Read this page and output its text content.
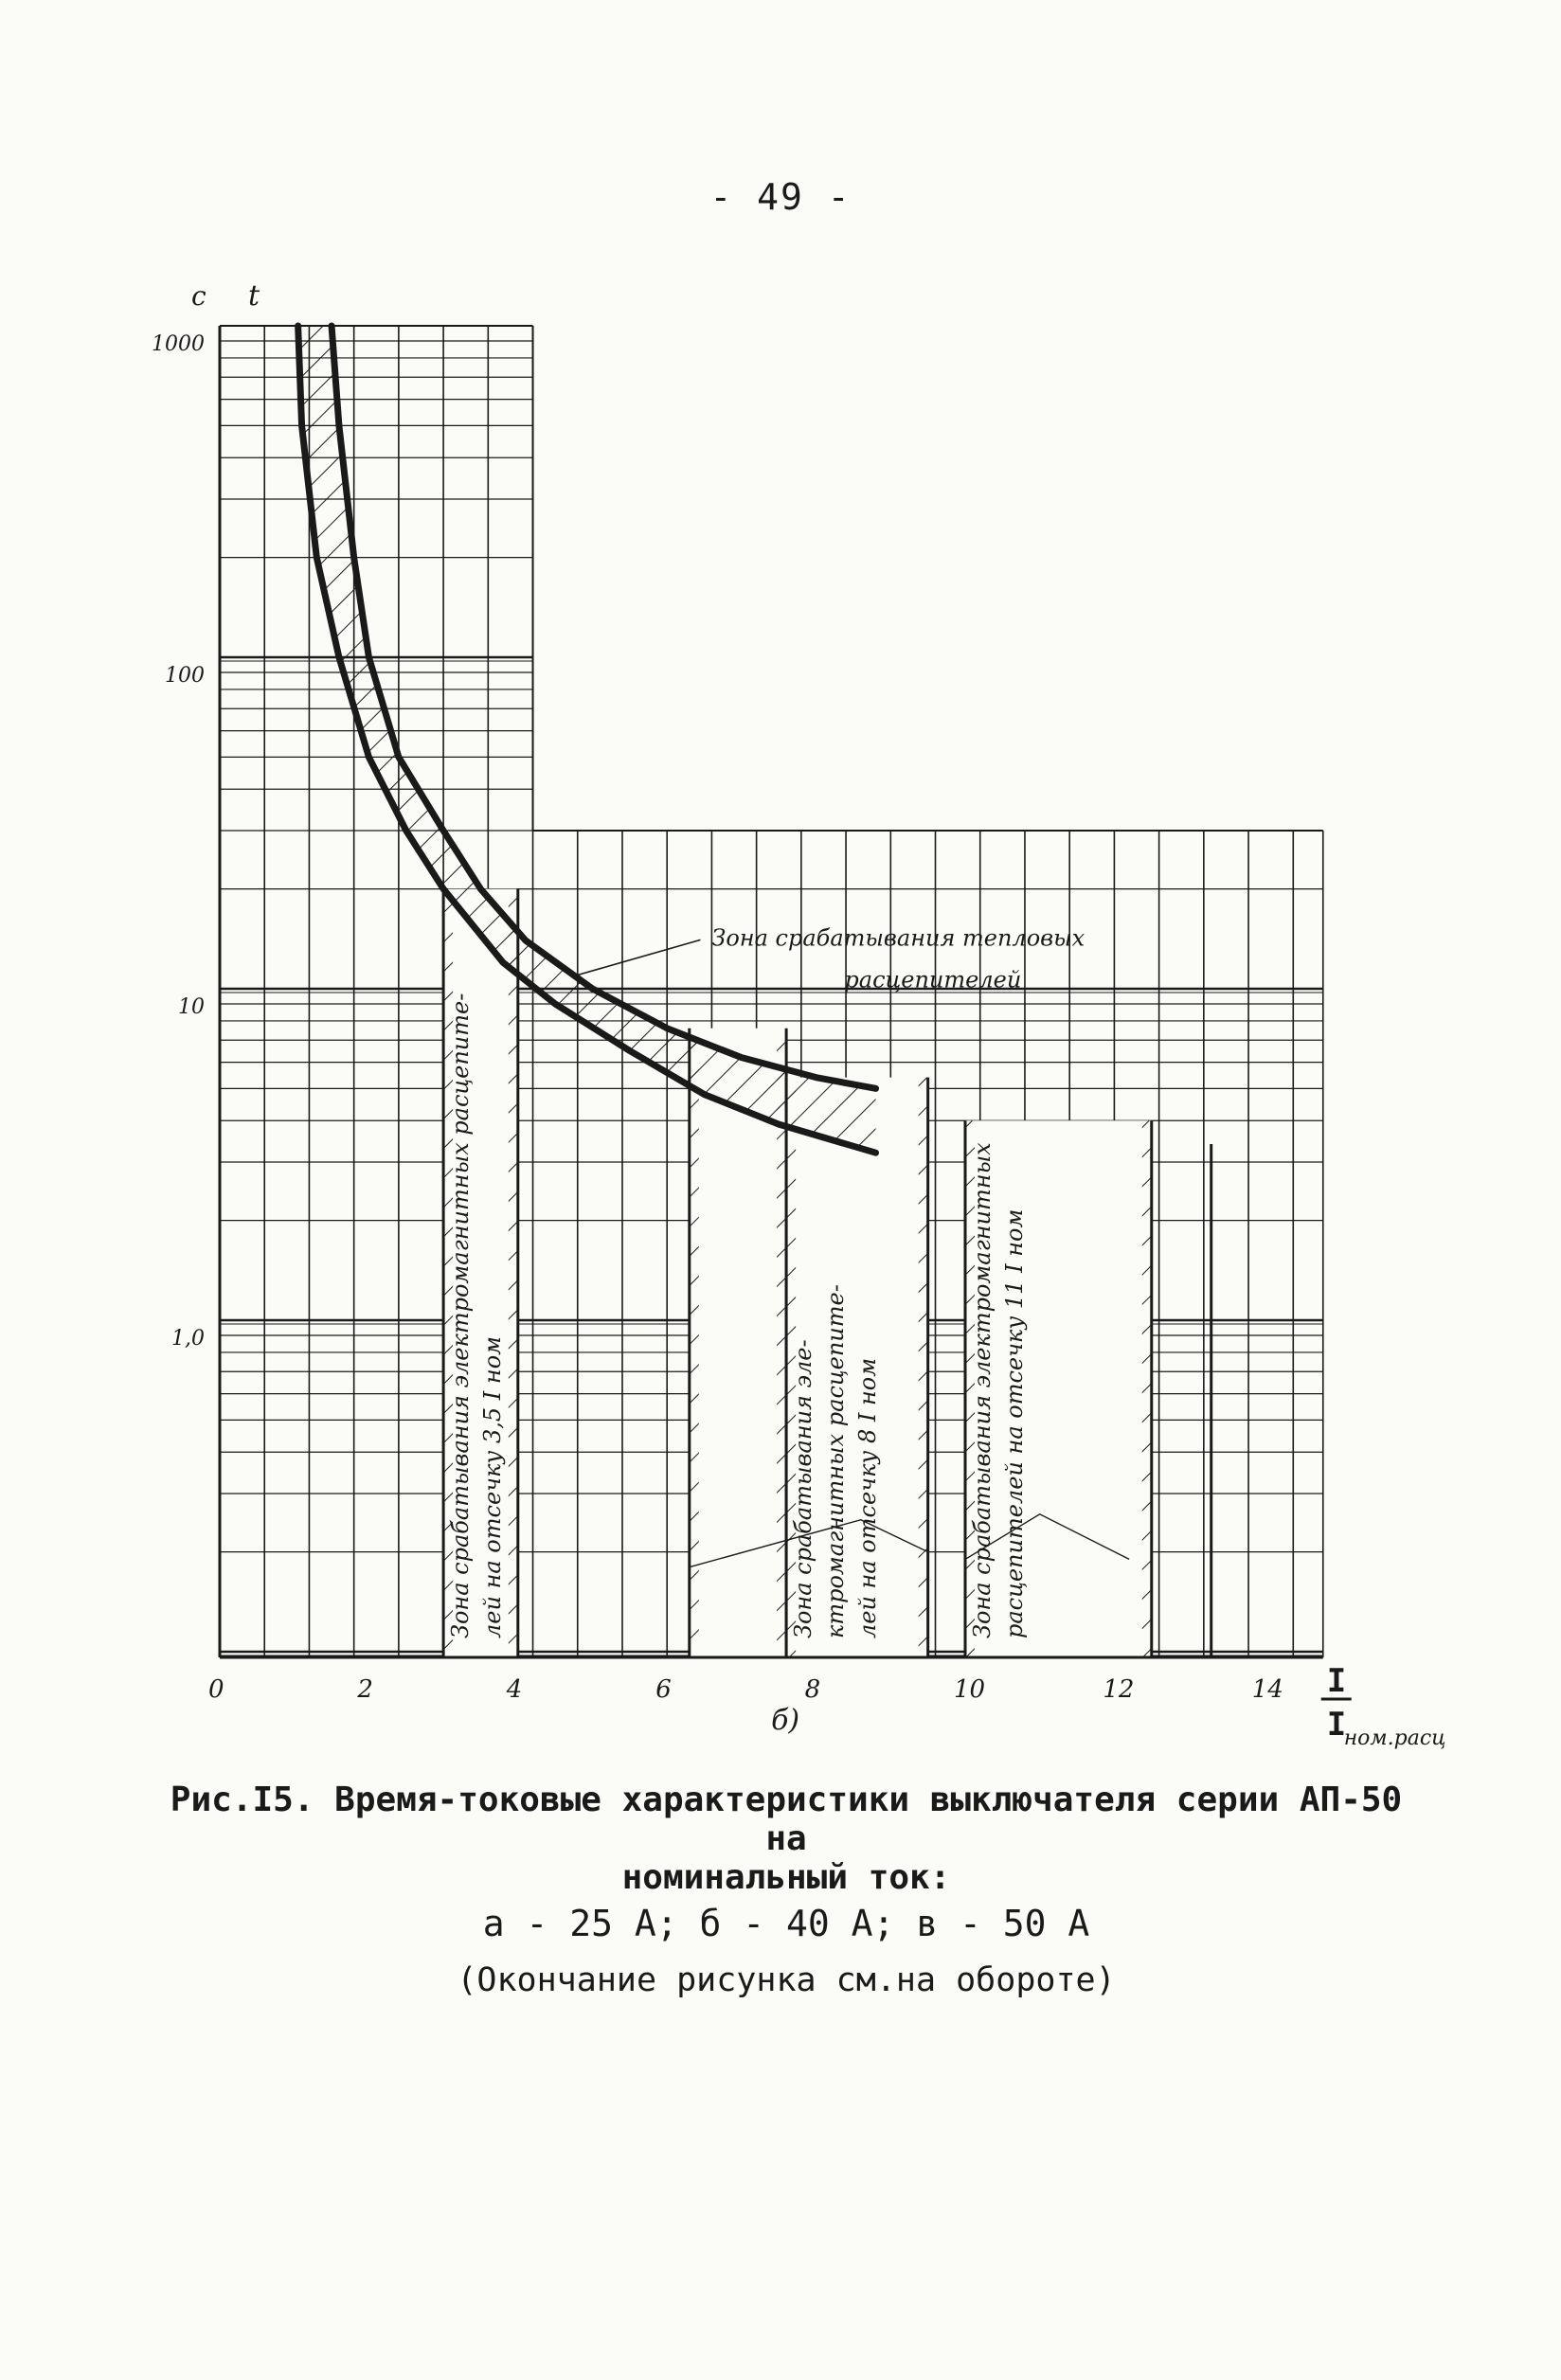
- 49 -
Зона срабатывания электромагнитных расцепите- лей на отсечку 3,5 I ном	Зона срабатывания эле- ктромагнитных расцепите- лей на отсечку 8 I ном	Зона срабатывания электромагнитных расцепителей на отсечку 11 I ном
0	2	4	6	8	10	12	14
1000
100
10
1,0
с t
б)
I
I
ном.расц
Зона срабатывания тепловых
расцепителей
Рис.I5. Время-токовые характеристики выключателя серии АП-50 на
номинальный ток:
а - 25 А; б - 40 А; в - 50 А
(Окончание рисунка см.на обороте)
